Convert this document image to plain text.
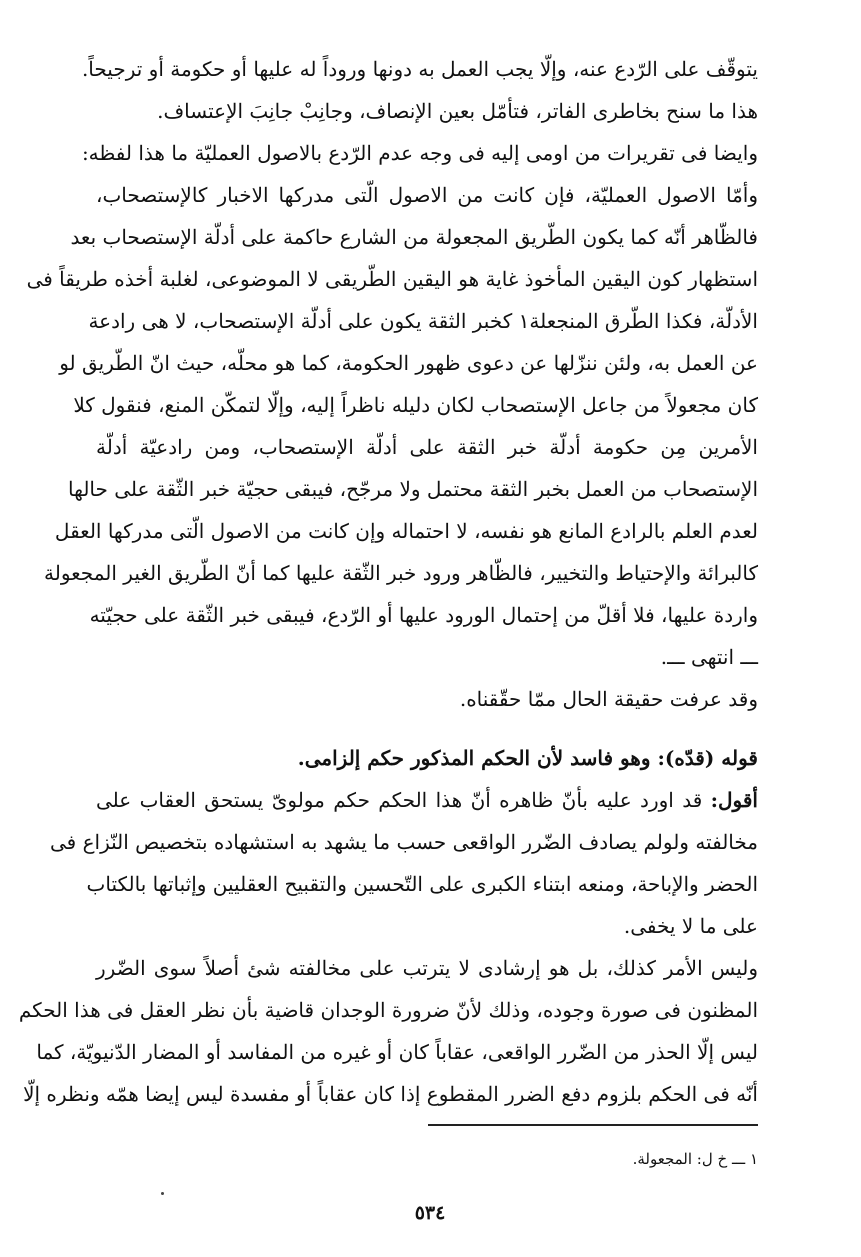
يتوقّف على الرّدع عنه، وإلّا يجب العمل به دونها وروداً له عليها أو حكومة أو ترجيحاً.
هذا ما سنح بخاطرى الفاتر، فتأمّل بعين الإنصاف، وجانِبْ جانِبَ الإعتساف.
وايضا فى تقريرات من اومى إليه فى وجه عدم الرّدع بالاصول العمليّة ما هذا لفظه:
وأمّا الاصول العمليّة، فإن كانت من الاصول الّتى مدركها الاخبار كالإستصحاب،
فالظّاهر أنّه كما يكون الطّريق المجعولة من الشارع حاكمة على أدلّة الإستصحاب بعد
استظهار كون اليقين المأخوذ غاية هو اليقين الطّريقى لا الموضوعى، لغلبة أخذه طريقاً فى
الأدلّة، فكذا الطّرق المنجعلة١ كخبر الثقة يكون على أدلّة الإستصحاب، لا هى رادعة
عن العمل به، ولئن ننزّلها عن دعوى ظهور الحكومة، كما هو محلّه، حيث انّ الطّريق لو
كان مجعولاً من جاعل الإستصحاب لكان دليله ناظراً إليه، وإلّا لتمكّن المنع، فنقول كلا
الأمرين مِن حكومة أدلّة خبر الثقة على أدلّة الإستصحاب، ومن رادعيّة أدلّة
الإستصحاب من العمل بخبر الثقة محتمل ولا مرجّح، فيبقى حجيّة خبر الثّقة على حالها
لعدم العلم بالرادع المانع هو نفسه، لا احتماله وإن كانت من الاصول الّتى مدركها العقل
كالبرائة والإحتياط والتخيير، فالظّاهر ورود خبر الثّقة عليها كما أنّ الطّريق الغير المجعولة
واردة عليها، فلا أقلّ من إحتمال الورود عليها أو الرّدع، فيبقى خبر الثّقة على حجيّته
ـــ انتهى ـــ.
وقد عرفت حقيقة الحال ممّا حقّقناه.
قوله (قدّه): وهو فاسد لأن الحكم المذكور حكم إلزامى.
أقول: قد اورد عليه بأنّ ظاهره أنّ هذا الحكم حكم مولوىّ يستحق العقاب على
مخالفته ولولم يصادف الضّرر الواقعى حسب ما يشهد به استشهاده بتخصيص النّزاع فى
الحضر والإباحة، ومنعه ابتناء الكبرى على التّحسين والتقبيح العقليين وإثباتها بالكتاب
على ما لا يخفى.
وليس الأمر كذلك، بل هو إرشادى لا يترتب على مخالفته شئ أصلاً سوى الضّرر
المظنون فى صورة وجوده، وذلك لأنّ ضرورة الوجدان قاضية بأن نظر العقل فى هذا الحكم
ليس إلّا الحذر من الضّرر الواقعى، عقاباً كان أو غيره من المفاسد أو المضار الدّنيويّة، كما
أنّه فى الحكم بلزوم دفع الضرر المقطوع إذا كان عقاباً أو مفسدة ليس إيضا همّه ونظره إلّا
١ ـــ خ ل: المجعولة.
٥٣٤
